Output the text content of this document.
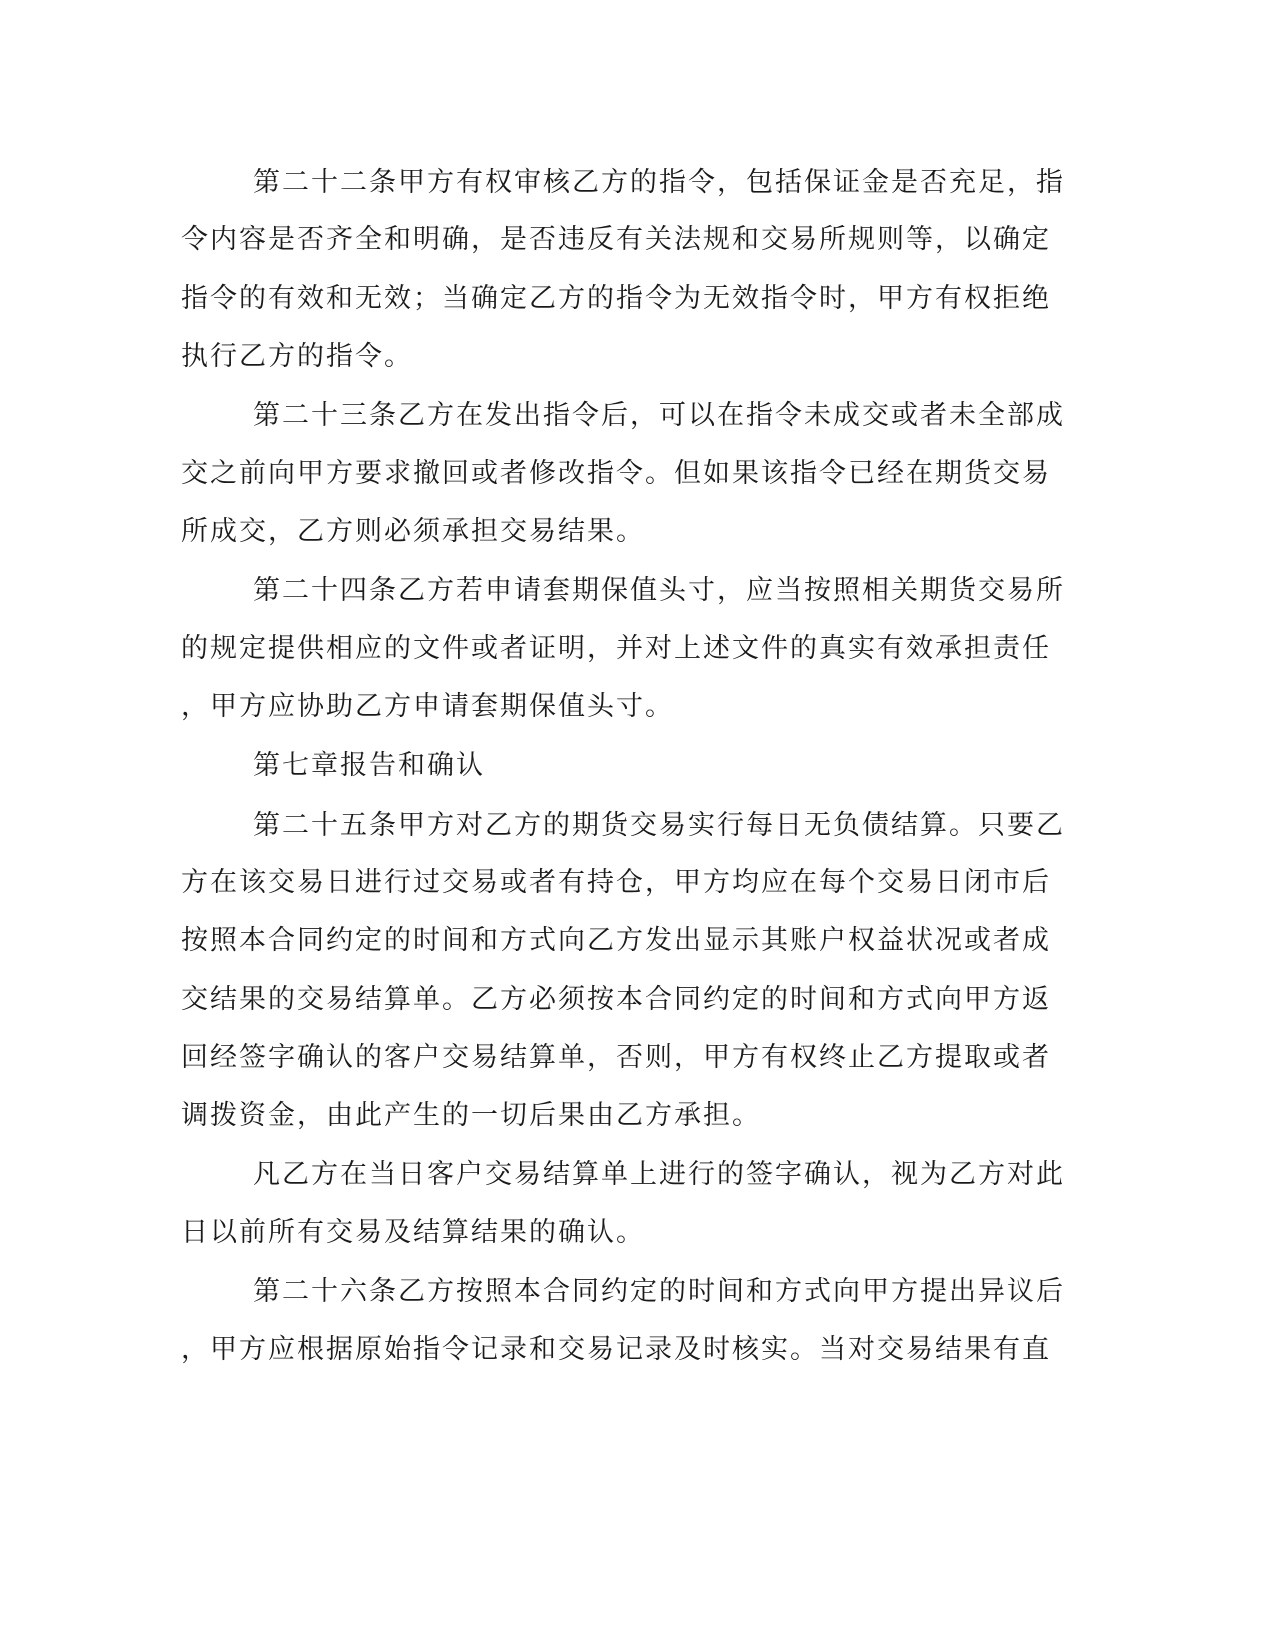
第二十二条甲方有权审核乙方的指令，包括保证金是否充足，指
令内容是否齐全和明确，是否违反有关法规和交易所规则等，以确定
指令的有效和无效；当确定乙方的指令为无效指令时，甲方有权拒绝
执行乙方的指令。
第二十三条乙方在发出指令后，可以在指令未成交或者未全部成
交之前向甲方要求撤回或者修改指令。但如果该指令已经在期货交易
所成交，乙方则必须承担交易结果。
第二十四条乙方若申请套期保值头寸，应当按照相关期货交易所
的规定提供相应的文件或者证明，并对上述文件的真实有效承担责任
，甲方应协助乙方申请套期保值头寸。
第七章报告和确认
第二十五条甲方对乙方的期货交易实行每日无负债结算。只要乙
方在该交易日进行过交易或者有持仓，甲方均应在每个交易日闭市后
按照本合同约定的时间和方式向乙方发出显示其账户权益状况或者成
交结果的交易结算单。乙方必须按本合同约定的时间和方式向甲方返
回经签字确认的客户交易结算单，否则，甲方有权终止乙方提取或者
调拨资金，由此产生的一切后果由乙方承担。
凡乙方在当日客户交易结算单上进行的签字确认，视为乙方对此
日以前所有交易及结算结果的确认。
第二十六条乙方按照本合同约定的时间和方式向甲方提出异议后
，甲方应根据原始指令记录和交易记录及时核实。当对交易结果有直
